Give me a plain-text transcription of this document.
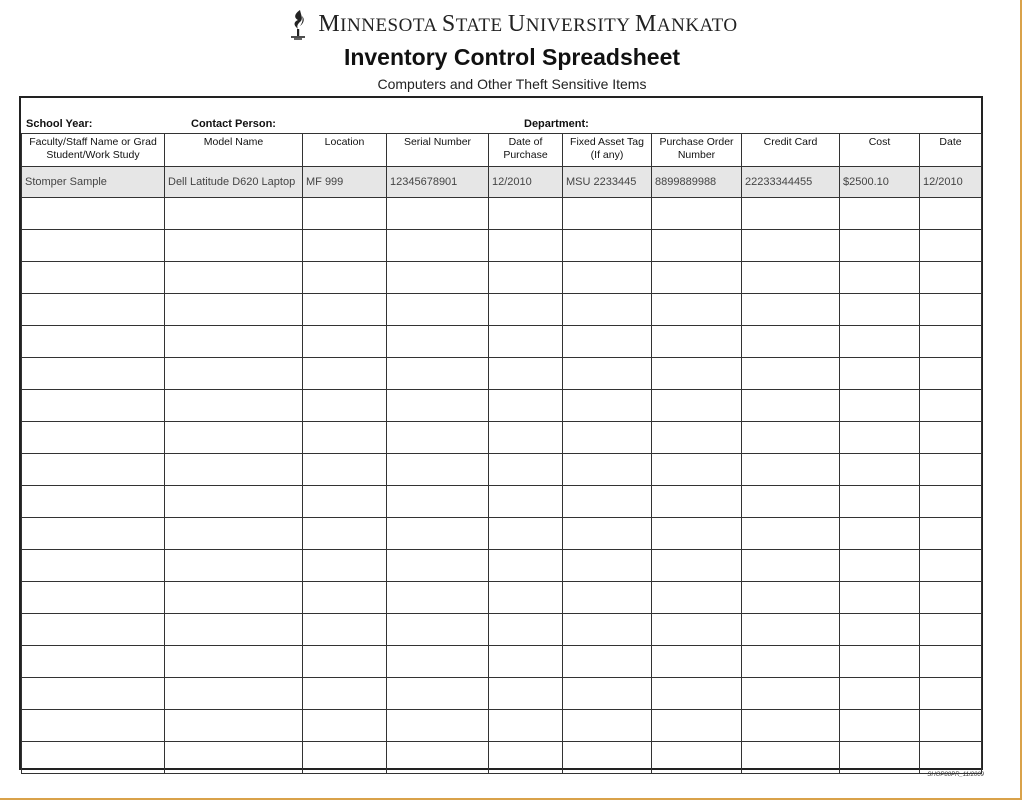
MINNESOTA STATE UNIVERSITY MANKATO
Inventory Control Spreadsheet
Computers and Other Theft Sensitive Items
School Year:	Contact Person:	Department:
Faculty/Staff Name or Grad Student/Work Study	Model Name	Location	Serial Number	Date of Purchase	Fixed Asset Tag (If any)	Purchase Order Number	Credit Card	Cost	Date
Stomper Sample	Dell Latitude D620 Laptop	MF 999	12345678901	12/2010	MSU 2233445	8899889988	22233344455	$2500.10	12/2010

SHOP80PR_11/2009
